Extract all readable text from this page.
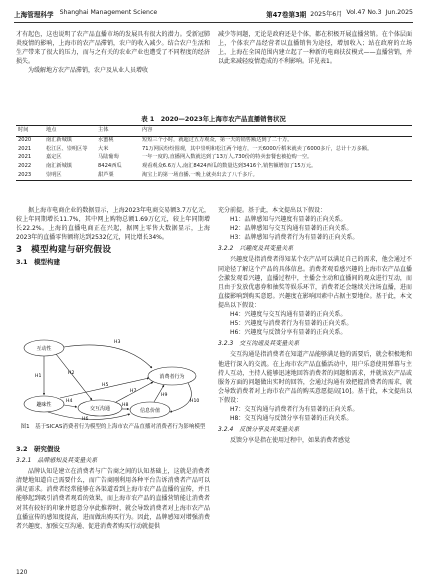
上海管理科学 Shanghai Management Science	第47卷第3期 2025年6月 Vol.47 No.3 Jun.2025

才有起色，这也说明了农产品直播市场的发展具有很大的潜力。受新冠肺炎疫情的影响，上海市的农产品滞销，农户的收入减少。结合农户生活和生产带来了很大的压力，而与之有关的农业产业也遭受了不同程度的经济损失。

为缓解地方农产品滞销，农户及从业人员增收

减少等问题，无论是政府还是个体，都在积极开展直播营销。在个体层面上，个体农产品经营者以直播销售为途径，增加收入；站在政府的立场上，上海在全国范围内建立起了一种新的电商扶贫模式——直播营销，并以此来减轻疫情造成的不利影响。详见表1。

表 1　2020—2023年上海市农产品直播销售状况
时间	地点	主体	内容
2020	南汇新城镇	水蜜桃	短短三个小时，就超过五万观众，第一天的销售额达到了二十万。
2021	松江区、崇明区等	大米	71万网民纷纷围观，其中崇明和松江两个地方，一天6000斤稻米就卖了6000多斤，总计十万多额。
2021	嘉定区	马陆葡萄	一年一度的,直播网入数就达到了13万人,730份的特卖套餐也被抢购一空。
2022	南汇新城镇	8424西瓜	观看观众6.6万人,南汇8424西瓜的数量达到3416个,销售额增加了15万元。
2023	崇明区	甜芦粟	淘宝上的第一场直播,一晚上就卖出去了八千多斤。

据上海市电商企业的数据显示，上海2023年电商交易额3.7万亿元，较上年同期增长11.7%，其中网上购物总额1.69万亿元，较上年同期增长22.2%。上海的直播电商正在兴起，据网上零售大数据显示，上海2023年的直播零售额将达到2532亿元，同比增长34%。

3　模型构建与研究假设
3.1　模型构建
互动性
趣味性
交互沟通
消费者行为
信息价值
H1
H2
H3
H4
H5
H6
H7
H8
H9
H10
图1　基于SICAS消费者行为模型的上海市农产品直播对消费者行为影响模型
3.2　研究假设
3.2.1　品牌感知及其变量关系

品牌认知是建立在消费者与广告商之间的认知基础上，这就是消费者清楚地知道自己需要什么，而广告商刚利用各种平台告诉消费者产品可以满足需求。消费者经常能够在各渠道看到上海市农产品直播的宣传，并且能够起到吸引消费者观看的效果，而上海市农产品的直播营销能让消费者对其有较好的印象并愿意分享此推荐时，就会导致消费者对上海市农产品直播宣传的感知度提高，进而做出购买行为。因此，品牌感知对增强消费者兴趣度、加强交互沟通、促进消费者购买行动就提供

充分前提。基于此，本文提出以下假设：

H1：品牌感知与兴趣度有显著的正向关系。

H2：品牌感知与交互沟通有显著的正向关系。

H3：品牌感知与消费者行为有显著的正向关系。

3.2.2　兴趣度及其变量关系

兴趣度是指消费者得知某个农产品可以满足自己的需求，他会通过不同途径了解这个产品的具体信息。消费者观看感兴趣的上海市农产品直播会激发观看兴趣，直播过程中，主播会主动和直播间的观众进行互动，而且由于发放优惠券和抽奖等娱乐环节，消费者还会继续关注场直播，进而直接影响到购买意愿。兴趣度在影响因素中占据主要地位。基于此，本文提出以下假设：

H4：兴趣度与交互沟通有显著的正向关系。

H5：兴趣度与消费者行为有显著的正向关系。

H6：兴趣度与反馈分享有显著的正向关系。

3.2.3　交互沟通及其变量关系

交互沟通是指消费者在知道产品能够满足他的需要后，就会积极地和他进行深入的交流。在上海市农产品直播活动中，用户乐意使用弹幕与主持人互动，主持人能够迅速地回答消费者的问题和需求，并就该农产品或服务方面的问题做出实时的回答，会通过沟通有效把握消费者的需求，就会导致消费者对上海市农产品的购买意愿提高[10]。基于此，本文提出以下假设：

H7：交互沟通与消费者行为有显著的正向关系。

H8：交互沟通与反馈分享有显著的正向关系。

3.2.4　反馈分享及其变量关系

反馈分享是指在使用过程中，如果消费者感觉

120
